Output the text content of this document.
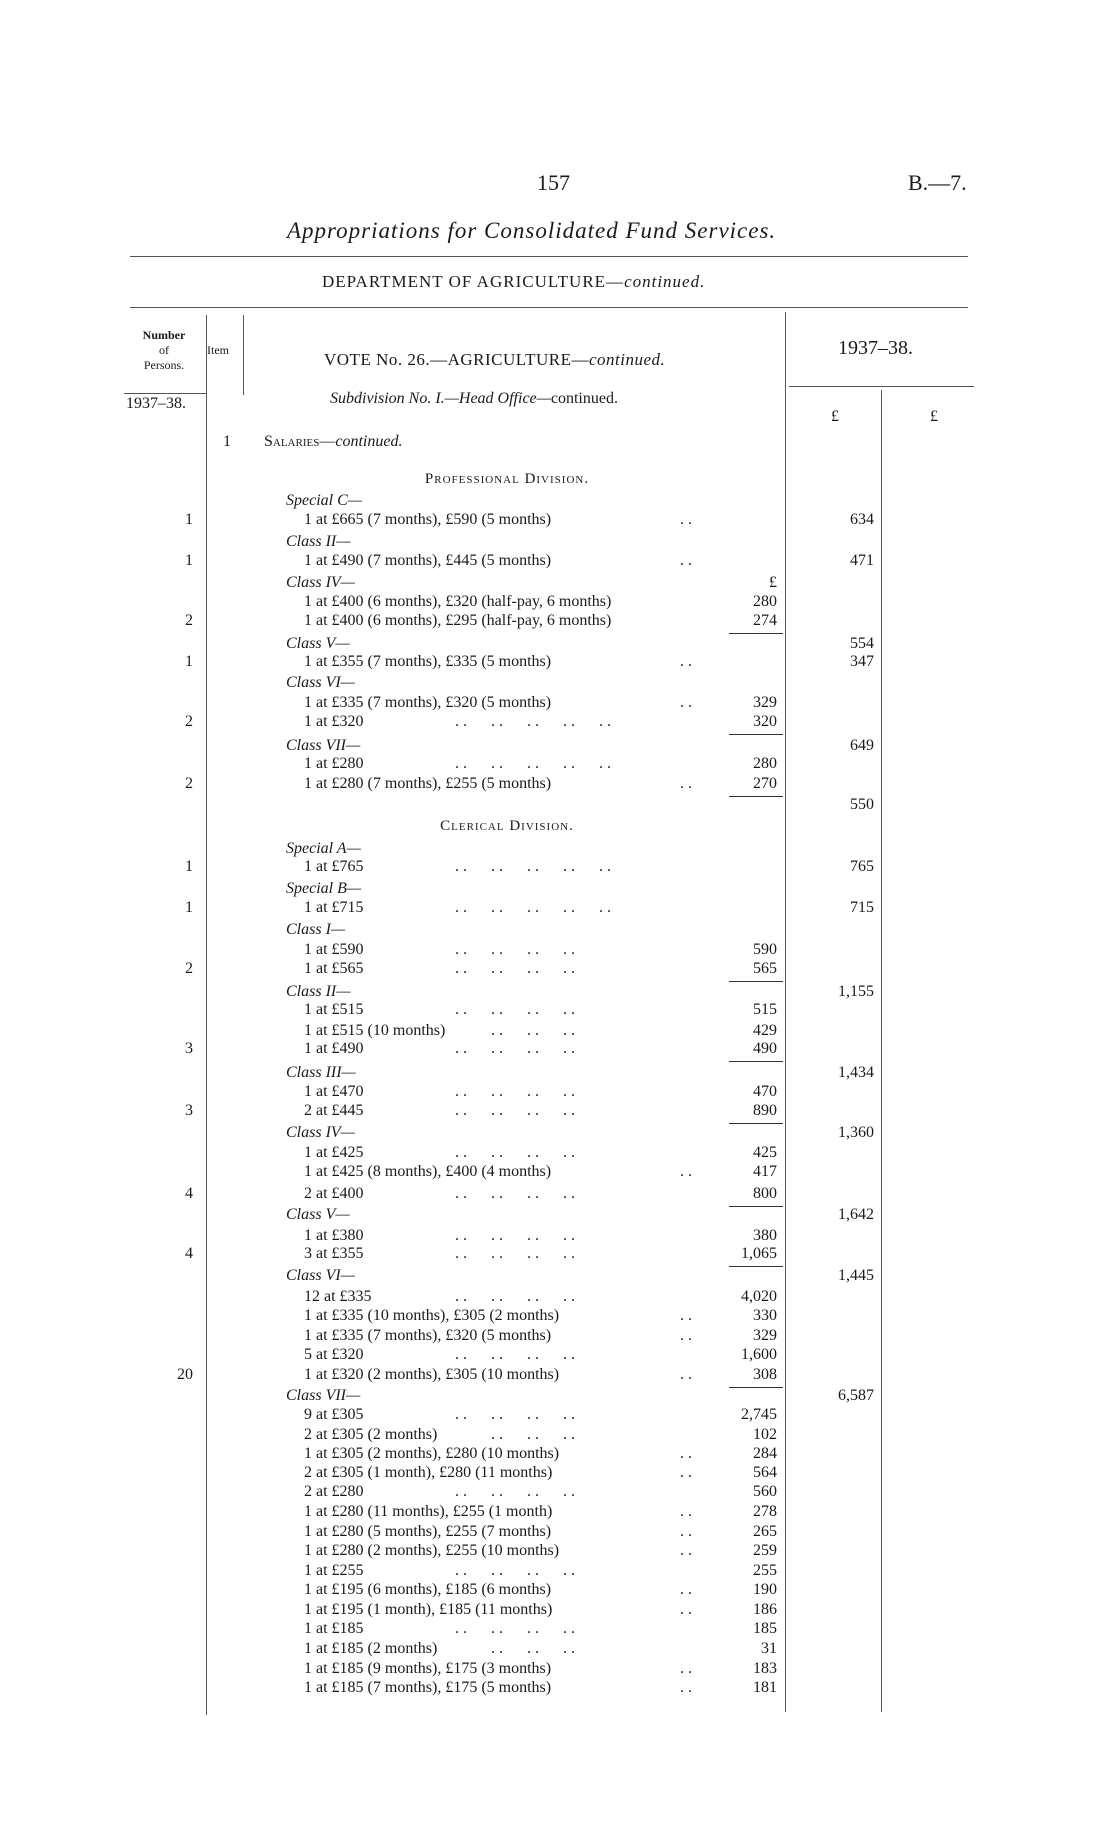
157	B.—7.
Appropriations for Consolidated Fund Services.
DEPARTMENT OF AGRICULTURE—continued.
Number
of
Persons.
Item
1937–38.
VOTE No. 26.—AGRICULTURE—continued.
1937–38.
£	£
Subdivision No. I.—Head Office—continued.
1 Salaries—continued.
Professional Division.
Special C—
1	1 at £665 (7 months), £590 (5 months)	. .	634
Class II—
1	1 at £490 (7 months), £445 (5 months)	. .	471
Class IV—	£
1 at £400 (6 months), £320 (half-pay, 6 months)	280
2	1 at £400 (6 months), £295 (half-pay, 6 months)	274
Class V—	554
1	1 at £355 (7 months), £335 (5 months)	. .	347
Class VI—
1 at £335 (7 months), £320 (5 months)	. .	329
2	1 at £320	. .      . .      . .      . .      . .	320
Class VII—	649
1 at £280	. .      . .      . .      . .      . .	280
2	1 at £280 (7 months), £255 (5 months)	. .	270
550
Clerical Division.
Special A—
1	1 at £765	. .      . .      . .      . .      . .	765
Special B—
1	1 at £715	. .      . .      . .      . .      . .	715
Class I—
1 at £590	. .      . .      . .      . .	590
2	1 at £565	. .      . .      . .      . .	565
Class II—	1,155
1 at £515	. .      . .      . .      . .	515
1 at £515 (10 months) . .      . .      . .	429
3	1 at £490	. .      . .      . .      . .	490
Class III—	1,434
1 at £470	. .      . .      . .      . .	470
3	2 at £445	. .      . .      . .      . .	890
Class IV—	1,360
1 at £425	. .      . .      . .      . .	425
1 at £425 (8 months), £400 (4 months)	. .	417
4	2 at £400	. .      . .      . .      . .	800
Class V—	1,642
1 at £380	. .      . .      . .      . .	380
4	3 at £355	. .      . .      . .      . .	1,065
Class VI—	1,445
12 at £335	. .      . .      . .      . .	4,020
1 at £335 (10 months), £305 (2 months)	. .	330
1 at £335 (7 months), £320 (5 months)	. .	329
5 at £320	. .      . .      . .      . .	1,600
20	1 at £320 (2 months), £305 (10 months)	. .	308
Class VII—	6,587
9 at £305	. .      . .      . .      . .	2,745
2 at £305 (2 months) . .      . .      . .	102
1 at £305 (2 months), £280 (10 months)	. .	284
2 at £305 (1 month), £280 (11 months)	. .	564
2 at £280	. .      . .      . .      . .	560
1 at £280 (11 months), £255 (1 month)	. .	278
1 at £280 (5 months), £255 (7 months)	. .	265
1 at £280 (2 months), £255 (10 months)	. .	259
1 at £255	. .      . .      . .      . .	255
1 at £195 (6 months), £185 (6 months)	. .	190
1 at £195 (1 month), £185 (11 months)	. .	186
1 at £185	. .      . .      . .      . .	185
1 at £185 (2 months) . .      . .      . .	31
1 at £185 (9 months), £175 (3 months)	. .	183
1 at £185 (7 months), £175 (5 months)	. .	181
